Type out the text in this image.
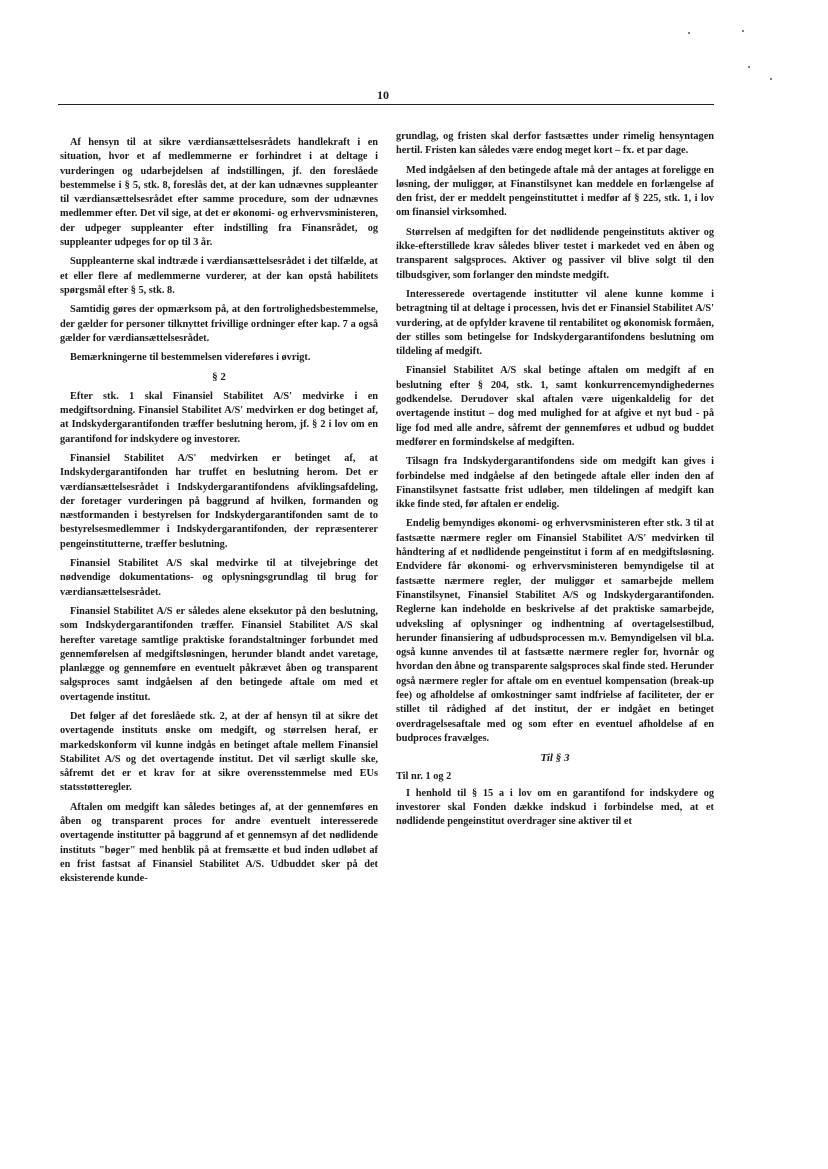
10

Af hensyn til at sikre værdiansættelsesrådets handlekraft i en situation, hvor et af medlemmerne er forhindret i at deltage i vurderingen og udarbejdelsen af indstillingen, jf. den foreslåede bestemmelse i § 5, stk. 8, foreslås det, at der kan udnævnes suppleanter til værdiansættelsesrådet efter samme procedure, som der udnævnes medlemmer efter. Det vil sige, at det er økonomi- og erhvervsministeren, der udpeger suppleanter efter indstilling fra Finansrådet, og suppleanter udpeges for op til 3 år.

Suppleanterne skal indtræde i værdiansættelsesrådet i det tilfælde, at et eller flere af medlemmerne vurderer, at der kan opstå habilitets spørgsmål efter § 5, stk. 8.

Samtidig gøres der opmærksom på, at den fortrolighedsbestemmelse, der gælder for personer tilknyttet frivillige ordninger efter kap. 7 a også gælder for værdiansættelsesrådet.

Bemærkningerne til bestemmelsen videreføres i øvrigt.

§ 2

Efter stk. 1 skal Finansiel Stabilitet A/S' medvirke i en medgiftsordning. Finansiel Stabilitet A/S' medvirken er dog betinget af, at Indskydergarantifonden træffer beslutning herom, jf. § 2 i lov om en garantifond for indskydere og investorer.

Finansiel Stabilitet A/S' medvirken er betinget af, at Indskydergarantifonden har truffet en beslutning herom. Det er værdiansættelsesrådet i Indskydergarantifondens afviklingsafdeling, der foretager vurderingen på baggrund af hvilken, formanden og næstformanden i bestyrelsen for Indskydergarantifonden samt de to bestyrelsesmedlemmer i Indskydergarantifonden, der repræsenterer pengeinstitutterne, træffer beslutning.

Finansiel Stabilitet A/S skal medvirke til at tilvejebringe det nødvendige dokumentations- og oplysningsgrundlag til brug for værdiansættelsesrådet.

Finansiel Stabilitet A/S er således alene eksekutor på den beslutning, som Indskydergarantifonden træffer. Finansiel Stabilitet A/S skal herefter varetage samtlige praktiske forandstaltninger forbundet med gennemførelsen af medgiftsløsningen, herunder blandt andet varetage, planlægge og gennemføre en eventuelt påkrævet åben og transparent salgsproces samt indgåelsen af den betingede aftale om med et overtagende institut.

Det følger af det foreslåede stk. 2, at der af hensyn til at sikre det overtagende instituts ønske om medgift, og størrelsen heraf, er markedskonform vil kunne indgås en betinget aftale mellem Finansiel Stabilitet A/S og det overtagende institut. Det vil særligt skulle ske, såfremt det er et krav for at sikre overensstemmelse med EUs statsstøtteregler.

Aftalen om medgift kan således betinges af, at der gennemføres en åben og transparent proces for andre eventuelt interesserede overtagende institutter på baggrund af et gennemsyn af det nødlidende instituts "bøger" med henblik på at fremsætte et bud inden udløbet af en frist fastsat af Finansiel Stabilitet A/S. Udbuddet sker på det eksisterende kunde-

grundlag, og fristen skal derfor fastsættes under rimelig hensyntagen hertil. Fristen kan således være endog meget kort – fx. et par dage.

Med indgåelsen af den betingede aftale må der antages at foreligge en løsning, der muliggør, at Finanstilsynet kan meddele en forlængelse af den frist, der er meddelt pengeinstituttet i medfør af § 225, stk. 1, i lov om finansiel virksomhed.

Størrelsen af medgiften for det nødlidende pengeinstituts aktiver og ikke-efterstillede krav således bliver testet i markedet ved en åben og transparent salgsproces. Aktiver og passiver vil blive solgt til den tilbudsgiver, som forlanger den mindste medgift.

Interesserede overtagende institutter vil alene kunne komme i betragtning til at deltage i processen, hvis det er Finansiel Stabilitet A/S' vurdering, at de opfylder kravene til rentabilitet og økonomisk formåen, der stilles som betingelse for Indskydergarantifondens beslutning om tildeling af medgift.

Finansiel Stabilitet A/S skal betinge aftalen om medgift af en beslutning efter § 204, stk. 1, samt konkurrencemyndighedernes godkendelse. Derudover skal aftalen være uigenkaldelig for det overtagende institut – dog med mulighed for at afgive et nyt bud - på lige fod med alle andre, såfremt der gennemføres et udbud og buddet medfører en formindskelse af medgiften.

Tilsagn fra Indskydergarantifondens side om medgift kan gives i forbindelse med indgåelse af den betingede aftale eller inden den af Finanstilsynet fastsatte frist udløber, men tildelingen af medgift kan ikke finde sted, før aftalen er endelig.

Endelig bemyndiges økonomi- og erhvervsministeren efter stk. 3 til at fastsætte nærmere regler om Finansiel Stabilitet A/S' medvirken til håndtering af et nødlidende pengeinstitut i form af en medgiftsløsning. Endvidere får økonomi- og erhvervsministeren bemyndigelse til at fastsætte nærmere regler, der muliggør et samarbejde mellem Finanstilsynet, Finansiel Stabilitet A/S og Indskydergarantifonden. Reglerne kan indeholde en beskrivelse af det praktiske samarbejde, udveksling af oplysninger og indhentning af overtagelsestilbud, herunder finansiering af udbudsprocessen m.v. Bemyndigelsen vil bl.a. også kunne anvendes til at fastsætte nærmere regler for, hvornår og hvordan den åbne og transparente salgsproces skal finde sted. Herunder også nærmere regler for aftale om en eventuel kompensation (break-up fee) og afholdelse af omkostninger samt indfrielse af faciliteter, der er stillet til rådighed af det institut, der er indgået en betinget overdragelsesaftale med og som efter en eventuel afholdelse af en budproces fravælges.

Til § 3

Til nr. 1 og 2

I henhold til § 15 a i lov om en garantifond for indskydere og investorer skal Fonden dække indskud i forbindelse med, at et nødlidende pengeinstitut overdrager sine aktiver til et
